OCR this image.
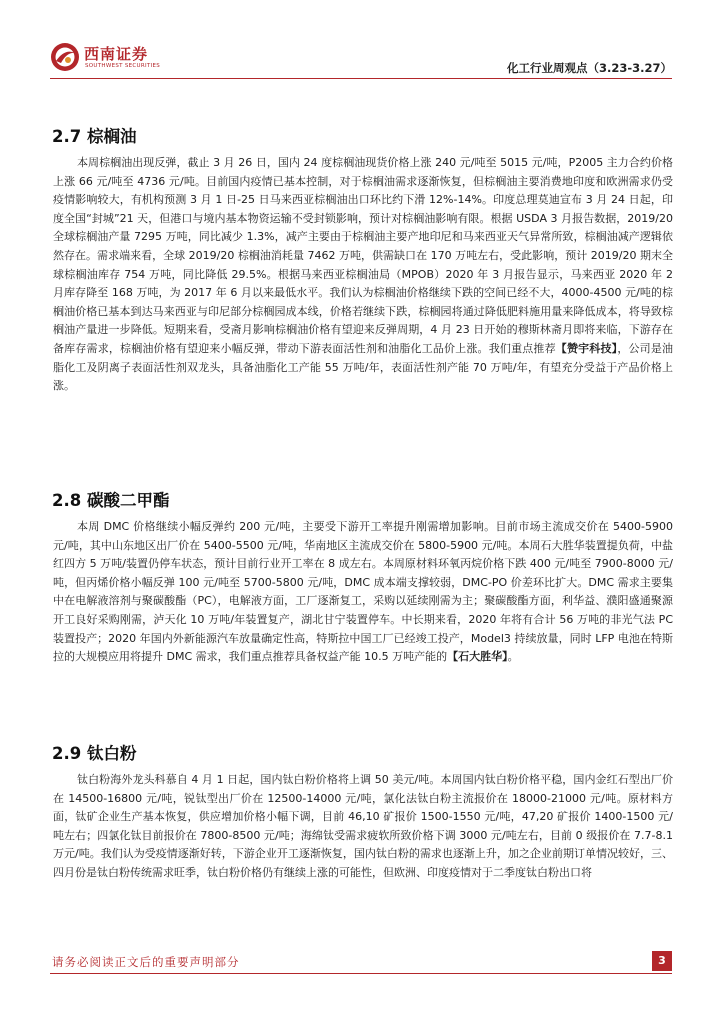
西南证券
SOUTHWEST SECURITIES	化工行业周观点（3.23-3.27）
2.7 棕榈油

本周棕榈油出现反弹，截止 3 月 26 日，国内 24 度棕榈油现货价格上涨 240 元/吨至 5015 元/吨，P2005 主力合约价格上涨 66 元/吨至 4736 元/吨。目前国内疫情已基本控制，对于棕榈油需求逐渐恢复，但棕榈油主要消费地印度和欧洲需求仍受疫情影响较大，有机构预测 3 月 1 日-25 日马来西亚棕榈油出口环比约下滑 12%-14%。印度总理莫迪宣布 3 月 24 日起，印度全国“封城”21 天，但港口与境内基本物资运输不受封锁影响，预计对棕榈油影响有限。根据 USDA 3 月报告数据，2019/20 全球棕榈油产量 7295 万吨，同比减少 1.3%，减产主要由于棕榈油主要产地印尼和马来西亚天气异常所致，棕榈油减产逻辑依然存在。需求端来看，全球 2019/20 棕榈油消耗量 7462 万吨，供需缺口在 170 万吨左右，受此影响，预计 2019/20 期末全球棕榈油库存 754 万吨，同比降低 29.5%。根据马来西亚棕榈油局（MPOB）2020 年 3 月报告显示，马来西亚 2020 年 2 月库存降至 168 万吨，为 2017 年 6 月以来最低水平。我们认为棕榈油价格继续下跌的空间已经不大，4000-4500 元/吨的棕榈油价格已基本到达马来西亚与印尼部分棕榈园成本线，价格若继续下跌，棕榈园将通过降低肥料施用量来降低成本，将导致棕榈油产量进一步降低。短期来看，受斋月影响棕榈油价格有望迎来反弹周期，4 月 23 日开始的穆斯林斋月即将来临，下游存在备库存需求，棕榈油价格有望迎来小幅反弹，带动下游表面活性剂和油脂化工品价上涨。我们重点推荐【赞宇科技】，公司是油脂化工及阴离子表面活性剂双龙头，具备油脂化工产能 55 万吨/年，表面活性剂产能 70 万吨/年，有望充分受益于产品价格上涨。

2.8 碳酸二甲酯

本周 DMC 价格继续小幅反弹约 200 元/吨，主要受下游开工率提升刚需增加影响。目前市场主流成交价在 5400-5900 元/吨，其中山东地区出厂价在 5400-5500 元/吨，华南地区主流成交价在 5800-5900 元/吨。本周石大胜华装置提负荷，中盐红四方 5 万吨/装置仍停车状态，预计目前行业开工率在 8 成左右。本周原材料环氧丙烷价格下跌 400 元/吨至 7900-8000 元/吨，但丙烯价格小幅反弹 100 元/吨至 5700-5800 元/吨，DMC 成本端支撑较弱，DMC-PO 价差环比扩大。DMC 需求主要集中在电解液溶剂与聚碳酸酯（PC），电解液方面，工厂逐渐复工，采购以延续刚需为主；聚碳酸酯方面，利华益、濮阳盛通聚源开工良好采购刚需，泸天化 10 万吨/年装置复产，湖北甘宁装置停车。中长期来看，2020 年将有合计 56 万吨的非光气法 PC 装置投产；2020 年国内外新能源汽车放量确定性高，特斯拉中国工厂已经竣工投产，Model3 持续放量，同时 LFP 电池在特斯拉的大规模应用将提升 DMC 需求，我们重点推荐具备权益产能 10.5 万吨产能的【石大胜华】。

2.9 钛白粉

钛白粉海外龙头科慕自 4 月 1 日起，国内钛白粉价格将上调 50 美元/吨。本周国内钛白粉价格平稳，国内金红石型出厂价在 14500-16800 元/吨，锐钛型出厂价在 12500-14000 元/吨，氯化法钛白粉主流报价在 18000-21000 元/吨。原材料方面，钛矿企业生产基本恢复，供应增加价格小幅下调，目前 46,10 矿报价 1500-1550 元/吨，47,20 矿报价 1400-1500 元/吨左右；四氯化钛目前报价在 7800-8500 元/吨；海绵钛受需求疲软所致价格下调 3000 元/吨左右，目前 0 级报价在 7.7-8.1 万元/吨。我们认为受疫情逐渐好转，下游企业开工逐渐恢复，国内钛白粉的需求也逐渐上升，加之企业前期订单情况较好，三、四月份是钛白粉传统需求旺季，钛白粉价格仍有继续上涨的可能性，但欧洲、印度疫情对于二季度钛白粉出口将

请务必阅读正文后的重要声明部分	3
